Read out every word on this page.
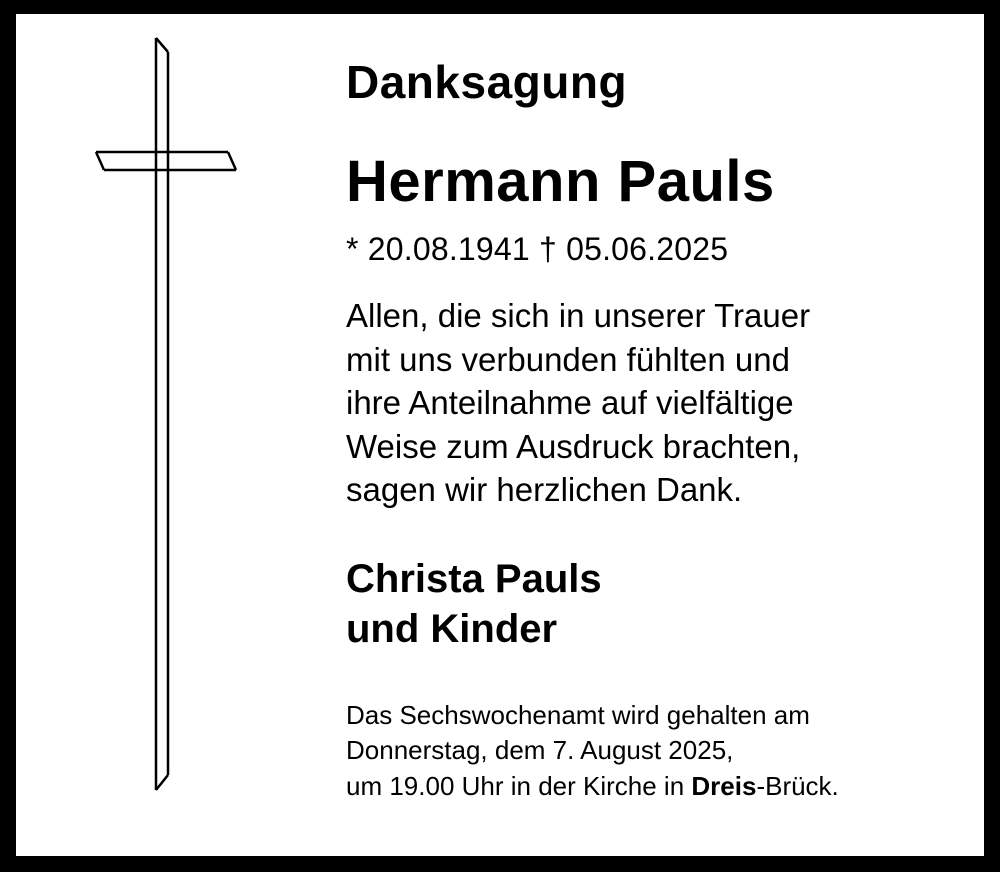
Danksagung
Hermann Pauls
* 20.08.1941 † 05.06.2025
Allen, die sich in unserer Trauer
mit uns verbunden fühlten und
ihre Anteilnahme auf vielfältige
Weise zum Ausdruck brachten,
sagen wir herzlichen Dank.
Christa Pauls
und Kinder
Das Sechswochenamt wird gehalten am
Donnerstag, dem 7. August 2025,
um 19.00 Uhr in der Kirche in Dreis-Brück.
